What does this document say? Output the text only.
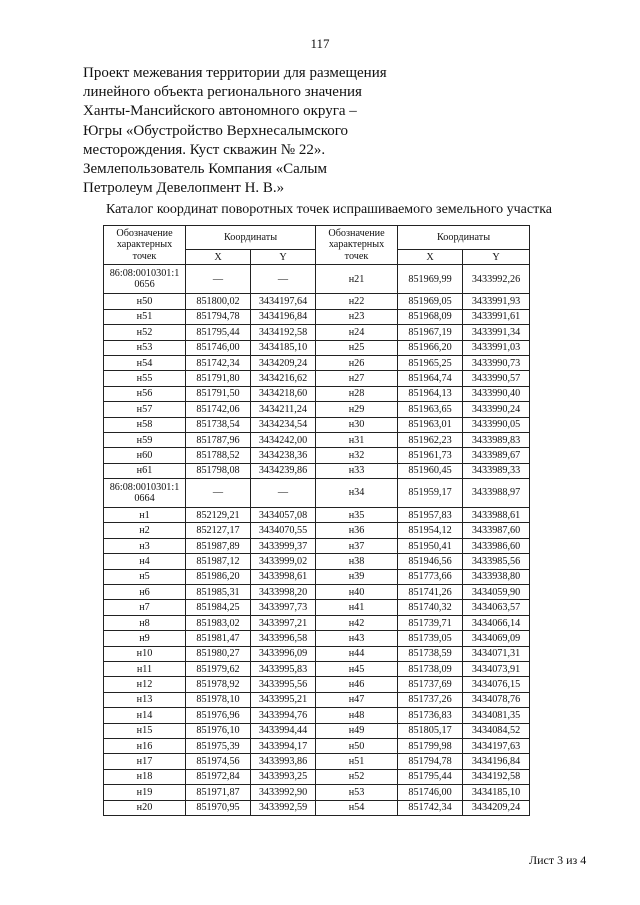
117
Проект межевания территории для размещения
линейного объекта регионального значения
Ханты-Мансийского автономного округа –
Югры «Обустройство Верхнесалымского
месторождения. Куст скважин № 22».
Землепользователь Компания «Салым
Петролеум Девелопмент Н. В.»
Каталог координат поворотных точек испрашиваемого земельного участка
Обозначение характерных точек	Координаты		Обозначение характерных точек	Координаты	
	X	Y		X	Y
86:08:0010301:1 0656	—	—	н21	851969,99	3433992,26
н50	851800,02	3434197,64	н22	851969,05	3433991,93
н51	851794,78	3434196,84	н23	851968,09	3433991,61
н52	851795,44	3434192,58	н24	851967,19	3433991,34
н53	851746,00	3434185,10	н25	851966,20	3433991,03
н54	851742,34	3434209,24	н26	851965,25	3433990,73
н55	851791,80	3434216,62	н27	851964,74	3433990,57
н56	851791,50	3434218,60	н28	851964,13	3433990,40
н57	851742,06	3434211,24	н29	851963,65	3433990,24
н58	851738,54	3434234,54	н30	851963,01	3433990,05
н59	851787,96	3434242,00	н31	851962,23	3433989,83
н60	851788,52	3434238,36	н32	851961,73	3433989,67
н61	851798,08	3434239,86	н33	851960,45	3433989,33
86:08:0010301:1 0664	—	—	н34	851959,17	3433988,97
н1	852129,21	3434057,08	н35	851957,83	3433988,61
н2	852127,17	3434070,55	н36	851954,12	3433987,60
н3	851987,89	3433999,37	н37	851950,41	3433986,60
н4	851987,12	3433999,02	н38	851946,56	3433985,56
н5	851986,20	3433998,61	н39	851773,66	3433938,80
н6	851985,31	3433998,20	н40	851741,26	3434059,90
н7	851984,25	3433997,73	н41	851740,32	3434063,57
н8	851983,02	3433997,21	н42	851739,71	3434066,14
н9	851981,47	3433996,58	н43	851739,05	3434069,09
н10	851980,27	3433996,09	н44	851738,59	3434071,31
н11	851979,62	3433995,83	н45	851738,09	3434073,91
н12	851978,92	3433995,56	н46	851737,69	3434076,15
н13	851978,10	3433995,21	н47	851737,26	3434078,76
н14	851976,96	3433994,76	н48	851736,83	3434081,35
н15	851976,10	3433994,44	н49	851805,17	3434084,52
н16	851975,39	3433994,17	н50	851799,98	3434197,63
н17	851974,56	3433993,86	н51	851794,78	3434196,84
н18	851972,84	3433993,25	н52	851795,44	3434192,58
н19	851971,87	3433992,90	н53	851746,00	3434185,10
н20	851970,95	3433992,59	н54	851742,34	3434209,24
Лист 3 из 4
